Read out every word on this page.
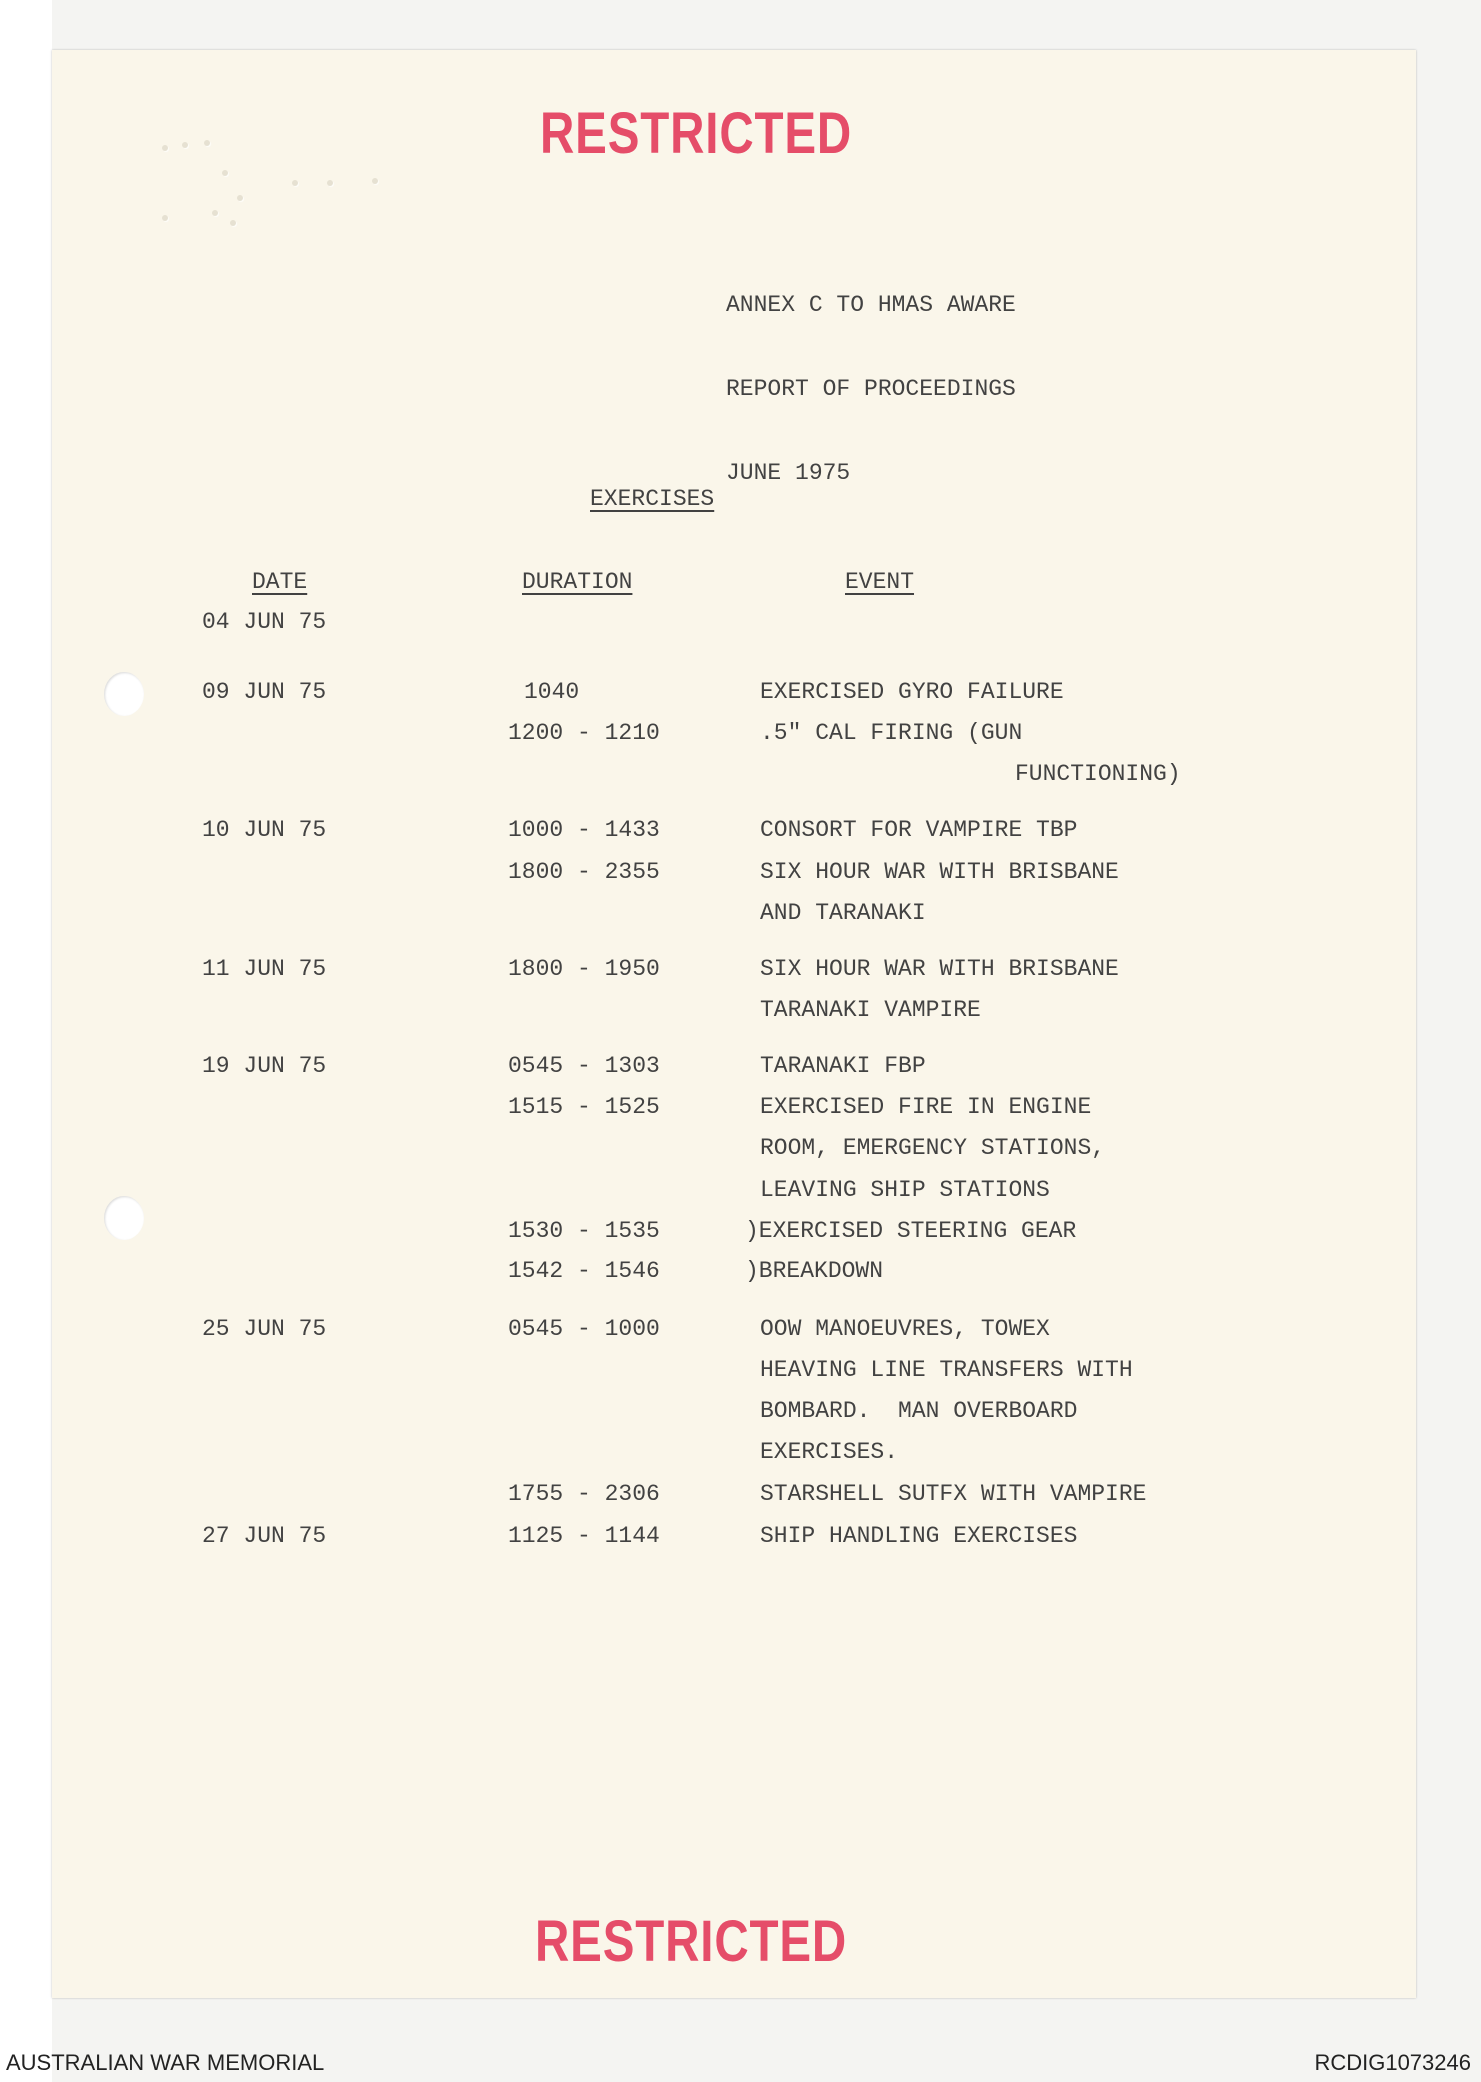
RESTRICTED

ANNEX C TO HMAS AWARE

REPORT OF PROCEEDINGS

JUNE 1975

EXERCISES
DATE	DURATION	EVENT
04 JUN 75
09 JUN 75	1040	EXERCISED GYRO FAILURE
1200 - 1210	.5" CAL FIRING (GUN
FUNCTIONING)
10 JUN 75	1000 - 1433	CONSORT FOR VAMPIRE TBP
1800 - 2355	SIX HOUR WAR WITH BRISBANE
AND TARANAKI
11 JUN 75	1800 - 1950	SIX HOUR WAR WITH BRISBANE
TARANAKI VAMPIRE
19 JUN 75	0545 - 1303	TARANAKI FBP
1515 - 1525	EXERCISED FIRE IN ENGINE
ROOM, EMERGENCY STATIONS,
LEAVING SHIP STATIONS
1530 - 1535	)EXERCISED STEERING GEAR
1542 - 1546	)BREAKDOWN
25 JUN 75	0545 - 1000	OOW MANOEUVRES, TOWEX
HEAVING LINE TRANSFERS WITH
BOMBARD.  MAN OVERBOARD
EXERCISES.
1755 - 2306	STARSHELL SUTFX WITH VAMPIRE
27 JUN 75	1125 - 1144	SHIP HANDLING EXERCISES
RESTRICTED
AUSTRALIAN WAR MEMORIAL	RCDIG1073246
